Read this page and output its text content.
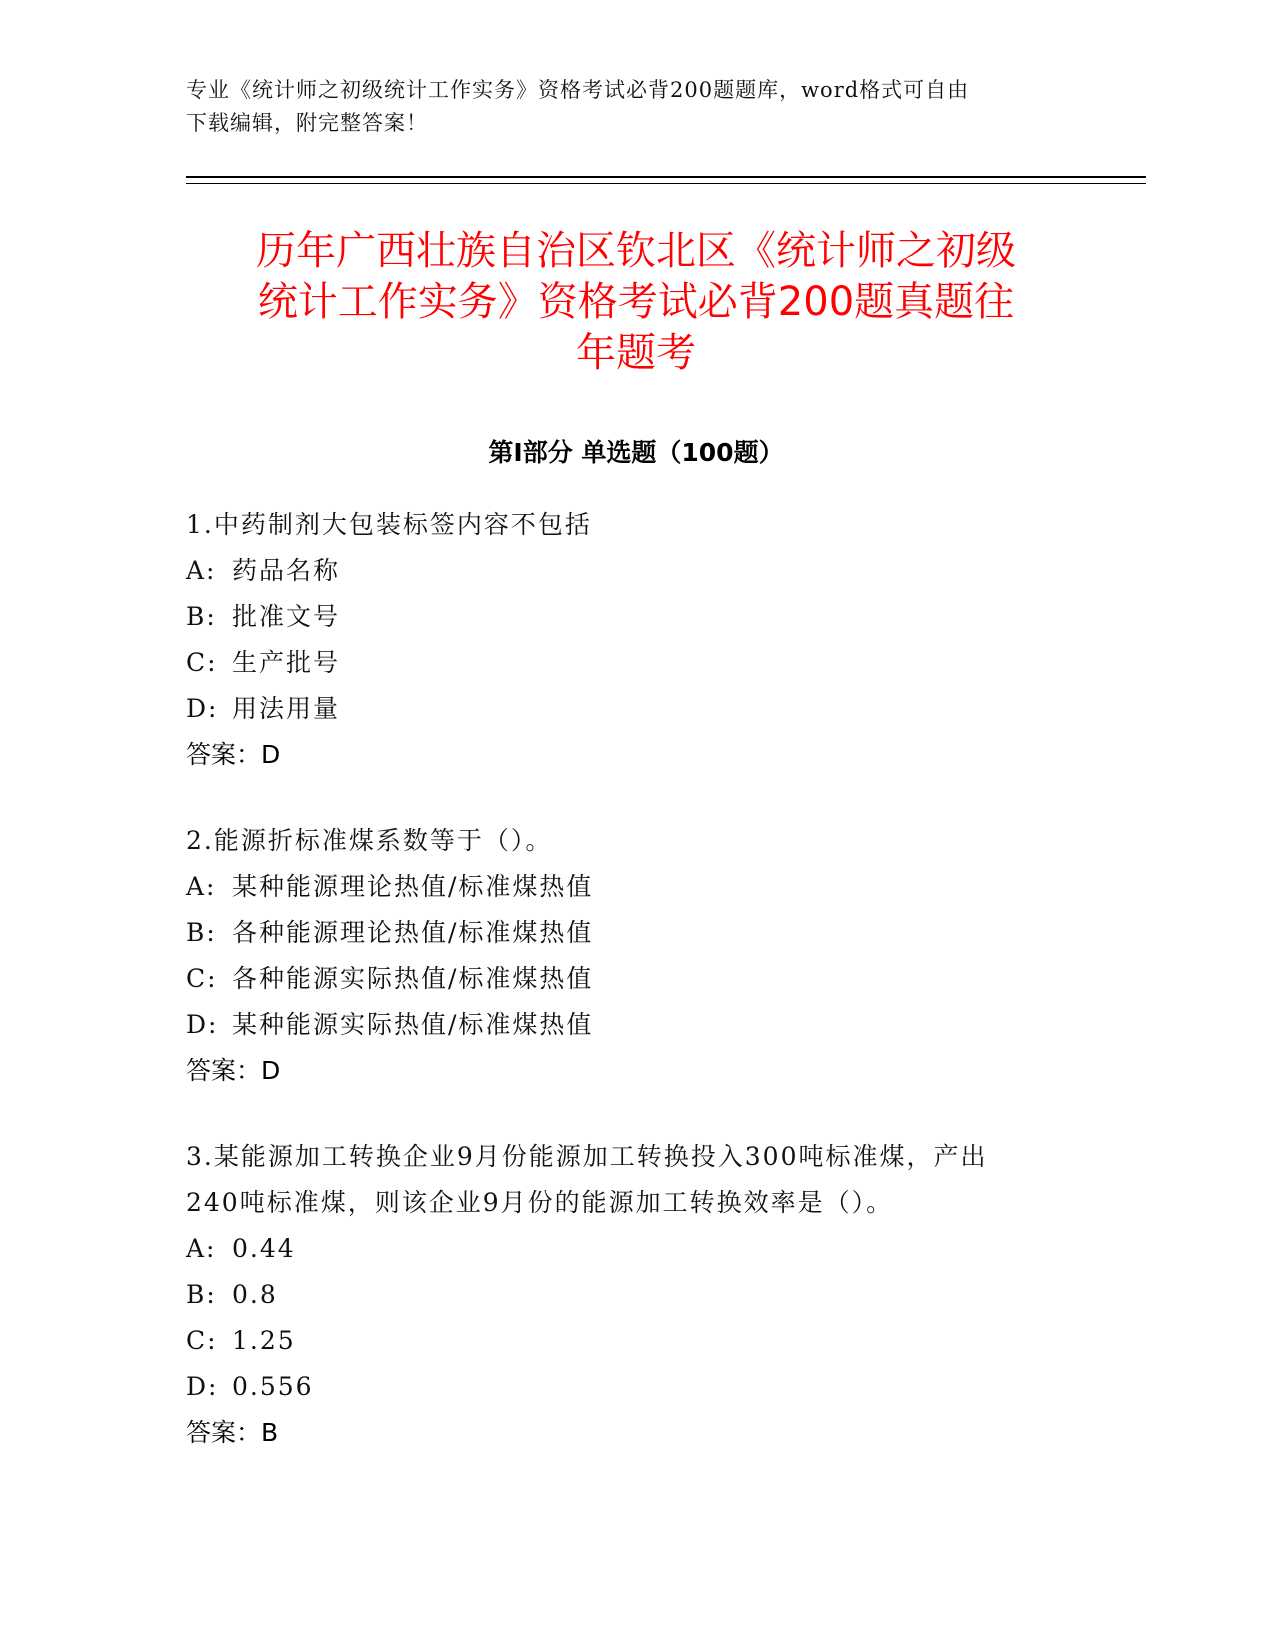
专业《统计师之初级统计工作实务》资格考试必背200题题库，word格式可自由
下载编辑，附完整答案！
历年广西壮族自治区钦北区《统计师之初级
统计工作实务》资格考试必背200题真题往
年题考
第Ⅰ部分 单选题（100题）

1.中药制剂大包装标签内容不包括

A: 药品名称

B: 批准文号

C: 生产批号

D: 用法用量

答案：D

2.能源折标准煤系数等于（）。

A: 某种能源理论热值/标准煤热值

B: 各种能源理论热值/标准煤热值

C: 各种能源实际热值/标准煤热值

D: 某种能源实际热值/标准煤热值

答案：D

3.某能源加工转换企业9月份能源加工转换投入300吨标准煤，产出

240吨标准煤，则该企业9月份的能源加工转换效率是（）。

A: 0.44

B: 0.8

C: 1.25

D: 0.556

答案：B
